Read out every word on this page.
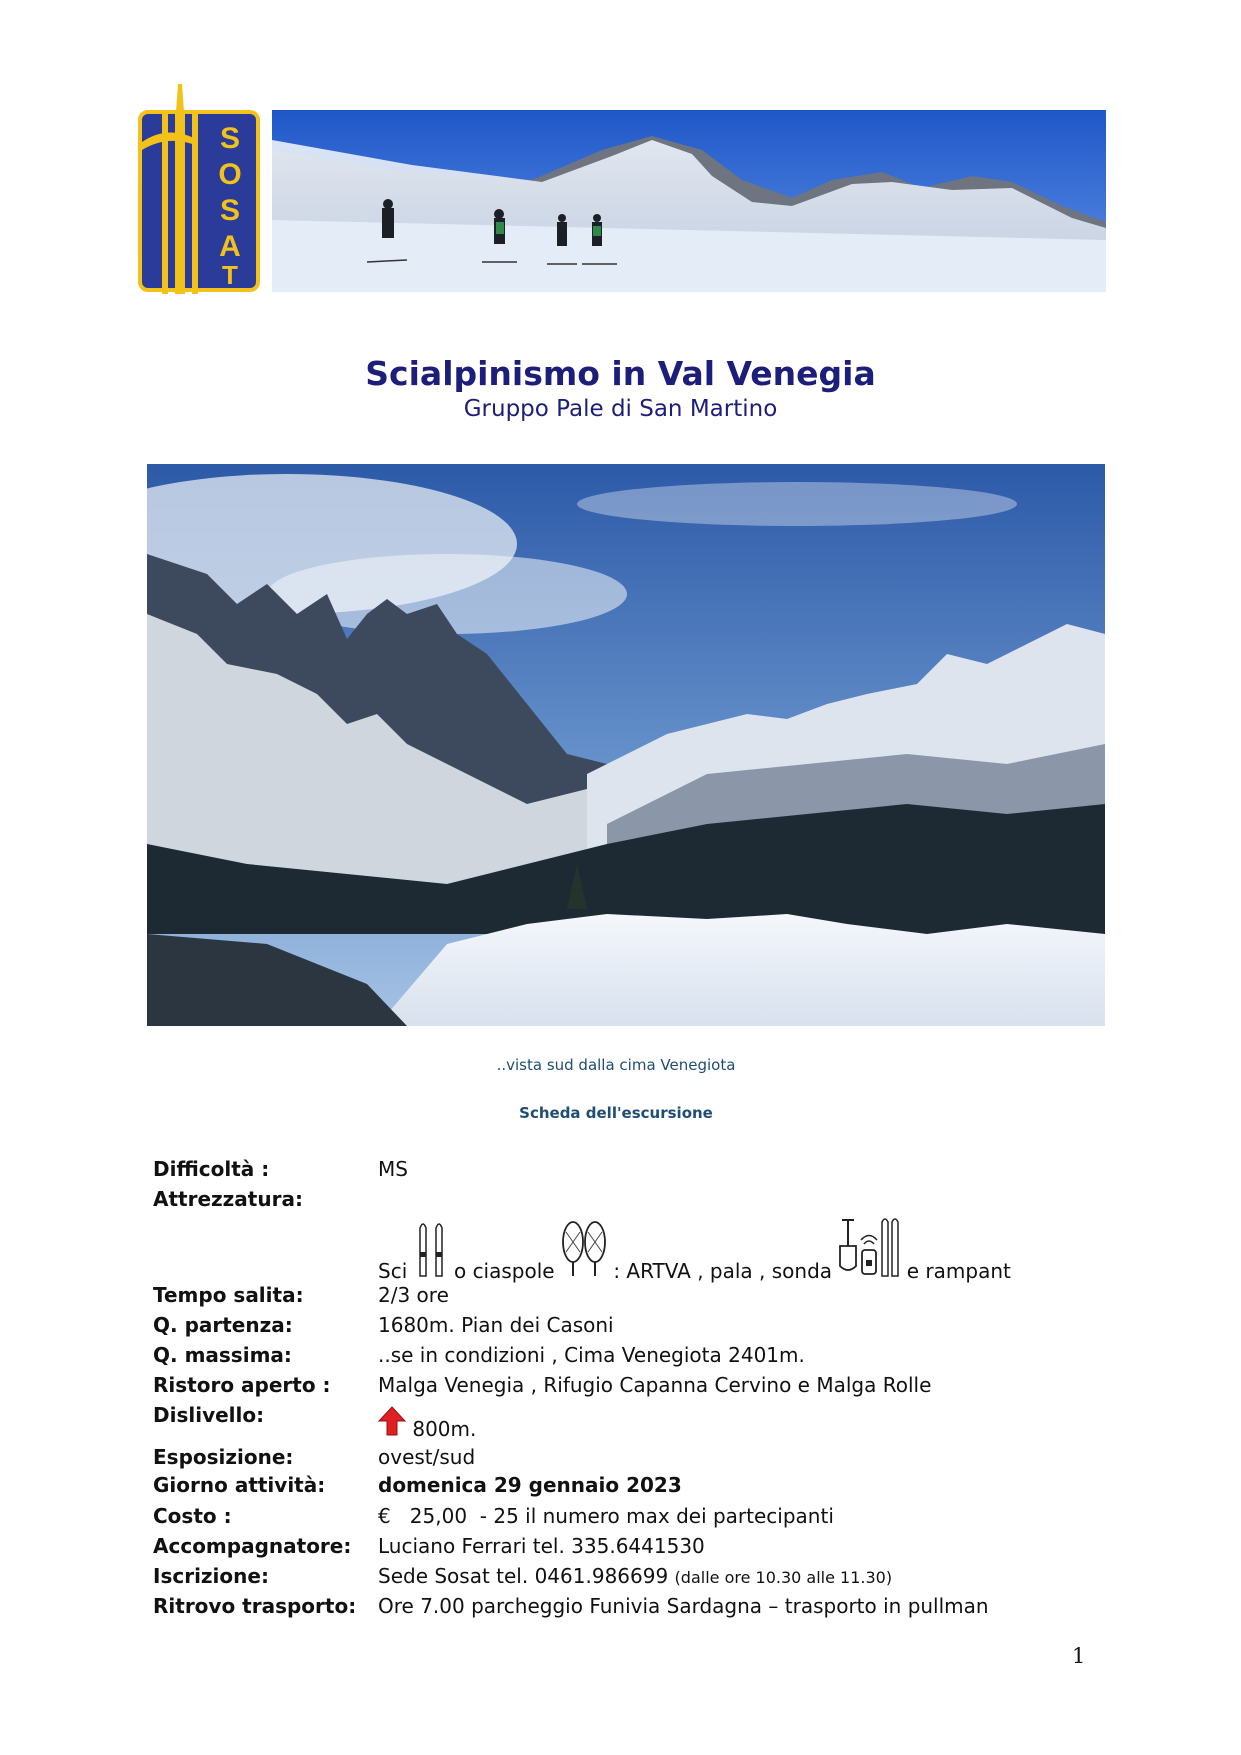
S
O
S
A
T
Scialpinismo in Val Venegia
Gruppo Pale di San Martino
..vista sud dalla cima Venegiota
Scheda dell'escursione
Difficoltà :	MS
Attrezzatura:
Sci o ciaspole	: ARTVA , pala , sonda	e rampant
Tempo salita:	2/3 ore
Q. partenza:	1680m. Pian dei Casoni
Q. massima:	..se in condizioni , Cima Venegiota 2401m.
Ristoro aperto : Malga Venegia , Rifugio Capanna Cervino e Malga Rolle
Dislivello:
800m.
Esposizione:	ovest/sud
Giorno attività:	domenica 29 gennaio 2023
Costo :	€   25,00  - 25 il numero max dei partecipanti
Accompagnatore: Luciano Ferrari tel. 335.6441530
Iscrizione:	Sede Sosat tel. 0461.986699 (dalle ore 10.30 alle 11.30)
Ritrovo trasporto: Ore 7.00 parcheggio Funivia Sardagna – trasporto in pullman
1
